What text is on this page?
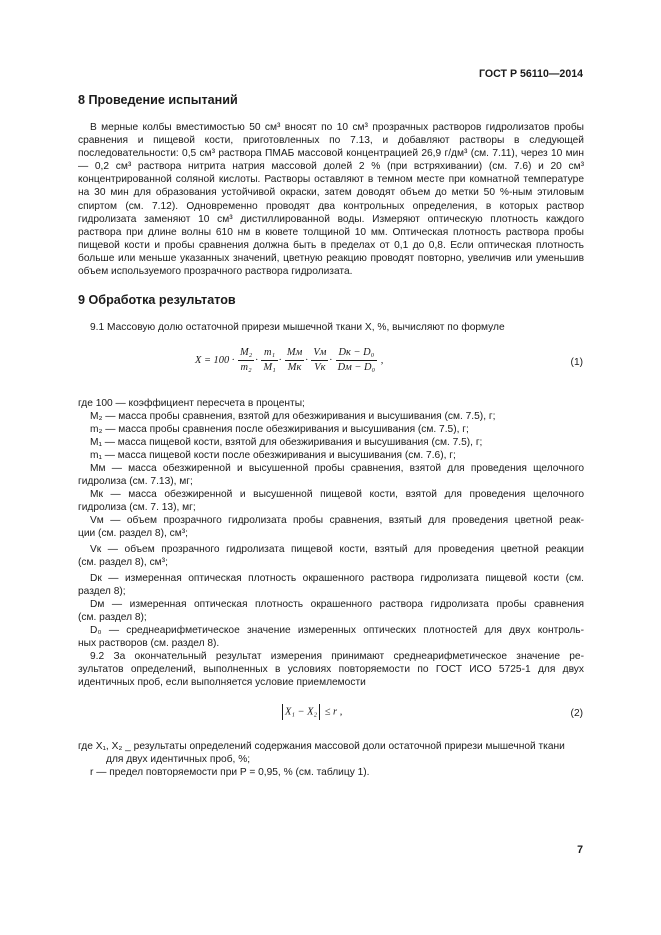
ГОСТ Р 56110—2014
8 Проведение испытаний
В мерные колбы вместимостью 50 см³ вносят по 10 см³ прозрачных растворов гидролизатов пробы сравнения и пищевой кости, приготовленных по 7.13, и добавляют растворы в следующей последовательности: 0,5 см³ раствора ПМАБ массовой концентрацией 26,9 г/дм³ (см. 7.11), через 10 мин — 0,2 см³ раствора нитрита натрия массовой долей 2 % (при встряхивании) (см. 7.6) и 20 см³ концентрированной соляной кислоты. Растворы оставляют в темном месте при комнатной температуре на 30 мин для образования устойчивой окраски, затем доводят объем до метки 50 %-ным этиловым спиртом (см. 7.12). Одновременно проводят два контрольных определения, в которых раствор гидролизата заменяют 10 см³ дистиллированной воды. Измеряют оптическую плотность каждого раствора при длине волны 610 нм в кювете толщиной 10 мм. Оптическая плотность раствора пробы пищевой кости и пробы сравнения должна быть в пределах от 0,1 до 0,8. Если оптическая плотность больше или меньше указанных значений, цветную реакцию проводят повторно, увеличив или уменьшив объем используемого прозрачного раствора гидролизата.
9 Обработка результатов
9.1 Массовую долю остаточной прирези мышечной ткани X, %, вычисляют по формуле
$X = 100 \cdot \frac{\text{M₂}}{\text{m₂}} \cdot \frac{\text{m₁}}{\text{M₁}} \cdot \frac{Mм}{Mк} \cdot \frac{Vм}{Vк} \cdot \frac{\text{Dк − D₀}}{\text{Dм − D₀}}$ ,	(1)
где 100 — коэффициент пересчета в проценты;
M₂ — масса пробы сравнения, взятой для обезжиривания и высушивания (см. 7.5), г;
m₂ — масса пробы сравнения после обезжиривания и высушивания (см. 7.5), г;
M₁ — масса пищевой кости, взятой для обезжиривания и высушивания (см. 7.5), г;
m₁ — масса пищевой кости после обезжиривания и высушивания (см. 7.6), г;
Mм — масса обезжиренной и высушенной пробы сравнения, взятой для проведения щелочного
гидролиза (см. 7.13), мг;
Mк — масса обезжиренной и высушенной пищевой кости, взятой для проведения щелочного
гидролиза (см. 7. 13), мг;
Vм — объем прозрачного гидролизата пробы сравнения, взятый для проведения цветной реак-
ции (см. раздел 8), см³;
Vк — объем прозрачного гидролизата пищевой кости, взятый для проведения цветной реакции
(см. раздел 8), см³;
Dк — измеренная оптическая плотность окрашенного раствора гидролизата пищевой кости (см.
раздел 8);
Dм — измеренная оптическая плотность окрашенного раствора гидролизата пробы сравнения
(см. раздел 8);
D₀ — среднеарифметическое значение измеренных оптических плотностей для двух контроль-
ных растворов (см. раздел 8).
9.2 За окончательный результат измерения принимают среднеарифметическое значение ре-
зультатов определений, выполненных в условиях повторяемости по ГОСТ ИСО 5725-1 для двух
идентичных проб, если выполняется условие приемлемости
X₁ − X₂ ≤ r ,	(2)
где X₁, X₂ _ результаты определений содержания массовой доли остаточной прирези мышечной ткани
для двух идентичных проб, %;
r — предел повторяемости при P = 0,95, % (см. таблицу 1).
7
